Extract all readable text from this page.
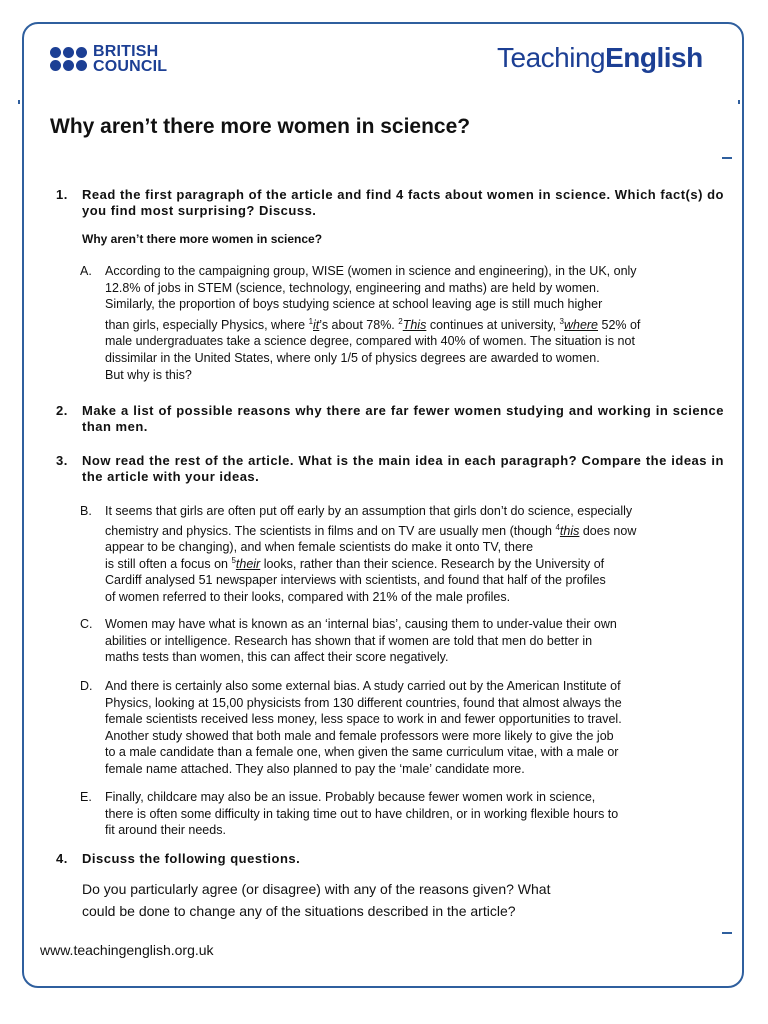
BRITISH
COUNCIL	TeachingEnglish
Why aren’t there more women in science?
1.	Read the first paragraph of the article and find 4 facts about women in science. Which fact(s) do you find most surprising? Discuss.
Why aren’t there more women in science?
A.	According to the campaigning group, WISE (women in science and engineering), in the UK, only
12.8% of jobs in STEM (science, technology, engineering and maths) are held by women.
Similarly, the proportion of boys studying science at school leaving age is still much higher
than girls, especially Physics, where $^1$it’s about 78%. $^2$This continues at university, $^3$where 52% of
male undergraduates take a science degree, compared with 40% of women. The situation is not
dissimilar in the United States, where only 1/5 of physics degrees are awarded to women.
But why is this?
2.	Make a list of possible reasons why there are far fewer women studying and working in science than men.
3.	Now read the rest of the article. What is the main idea in each paragraph? Compare the ideas in the article with your ideas.
B.	It seems that girls are often put off early by an assumption that girls don’t do science, especially
chemistry and physics. The scientists in films and on TV are usually men (though $^4$this does now
appear to be changing), and when female scientists do make it onto TV, there
is still often a focus on $^5$their looks, rather than their science. Research by the University of
Cardiff analysed 51 newspaper interviews with scientists, and found that half of the profiles
of women referred to their looks, compared with 21% of the male profiles.
C.	Women may have what is known as an ‘internal bias’, causing them to under-value their own
abilities or intelligence. Research has shown that if women are told that men do better in
maths tests than women, this can affect their score negatively.
D.	And there is certainly also some external bias. A study carried out by the American Institute of
Physics, looking at 15,00 physicists from 130 different countries, found that almost always the
female scientists received less money, less space to work in and fewer opportunities to travel.
Another study showed that both male and female professors were more likely to give the job
to a male candidate than a female one, when given the same curriculum vitae, with a male or
female name attached. They also planned to pay the ‘male’ candidate more.
E.	Finally, childcare may also be an issue. Probably because fewer women work in science,
there is often some difficulty in taking time out to have children, or in working flexible hours to
fit around their needs.
4.	Discuss the following questions.
Do you particularly agree (or disagree) with any of the reasons given? What
could be done to change any of the situations described in the article?
www.teachingenglish.org.uk
